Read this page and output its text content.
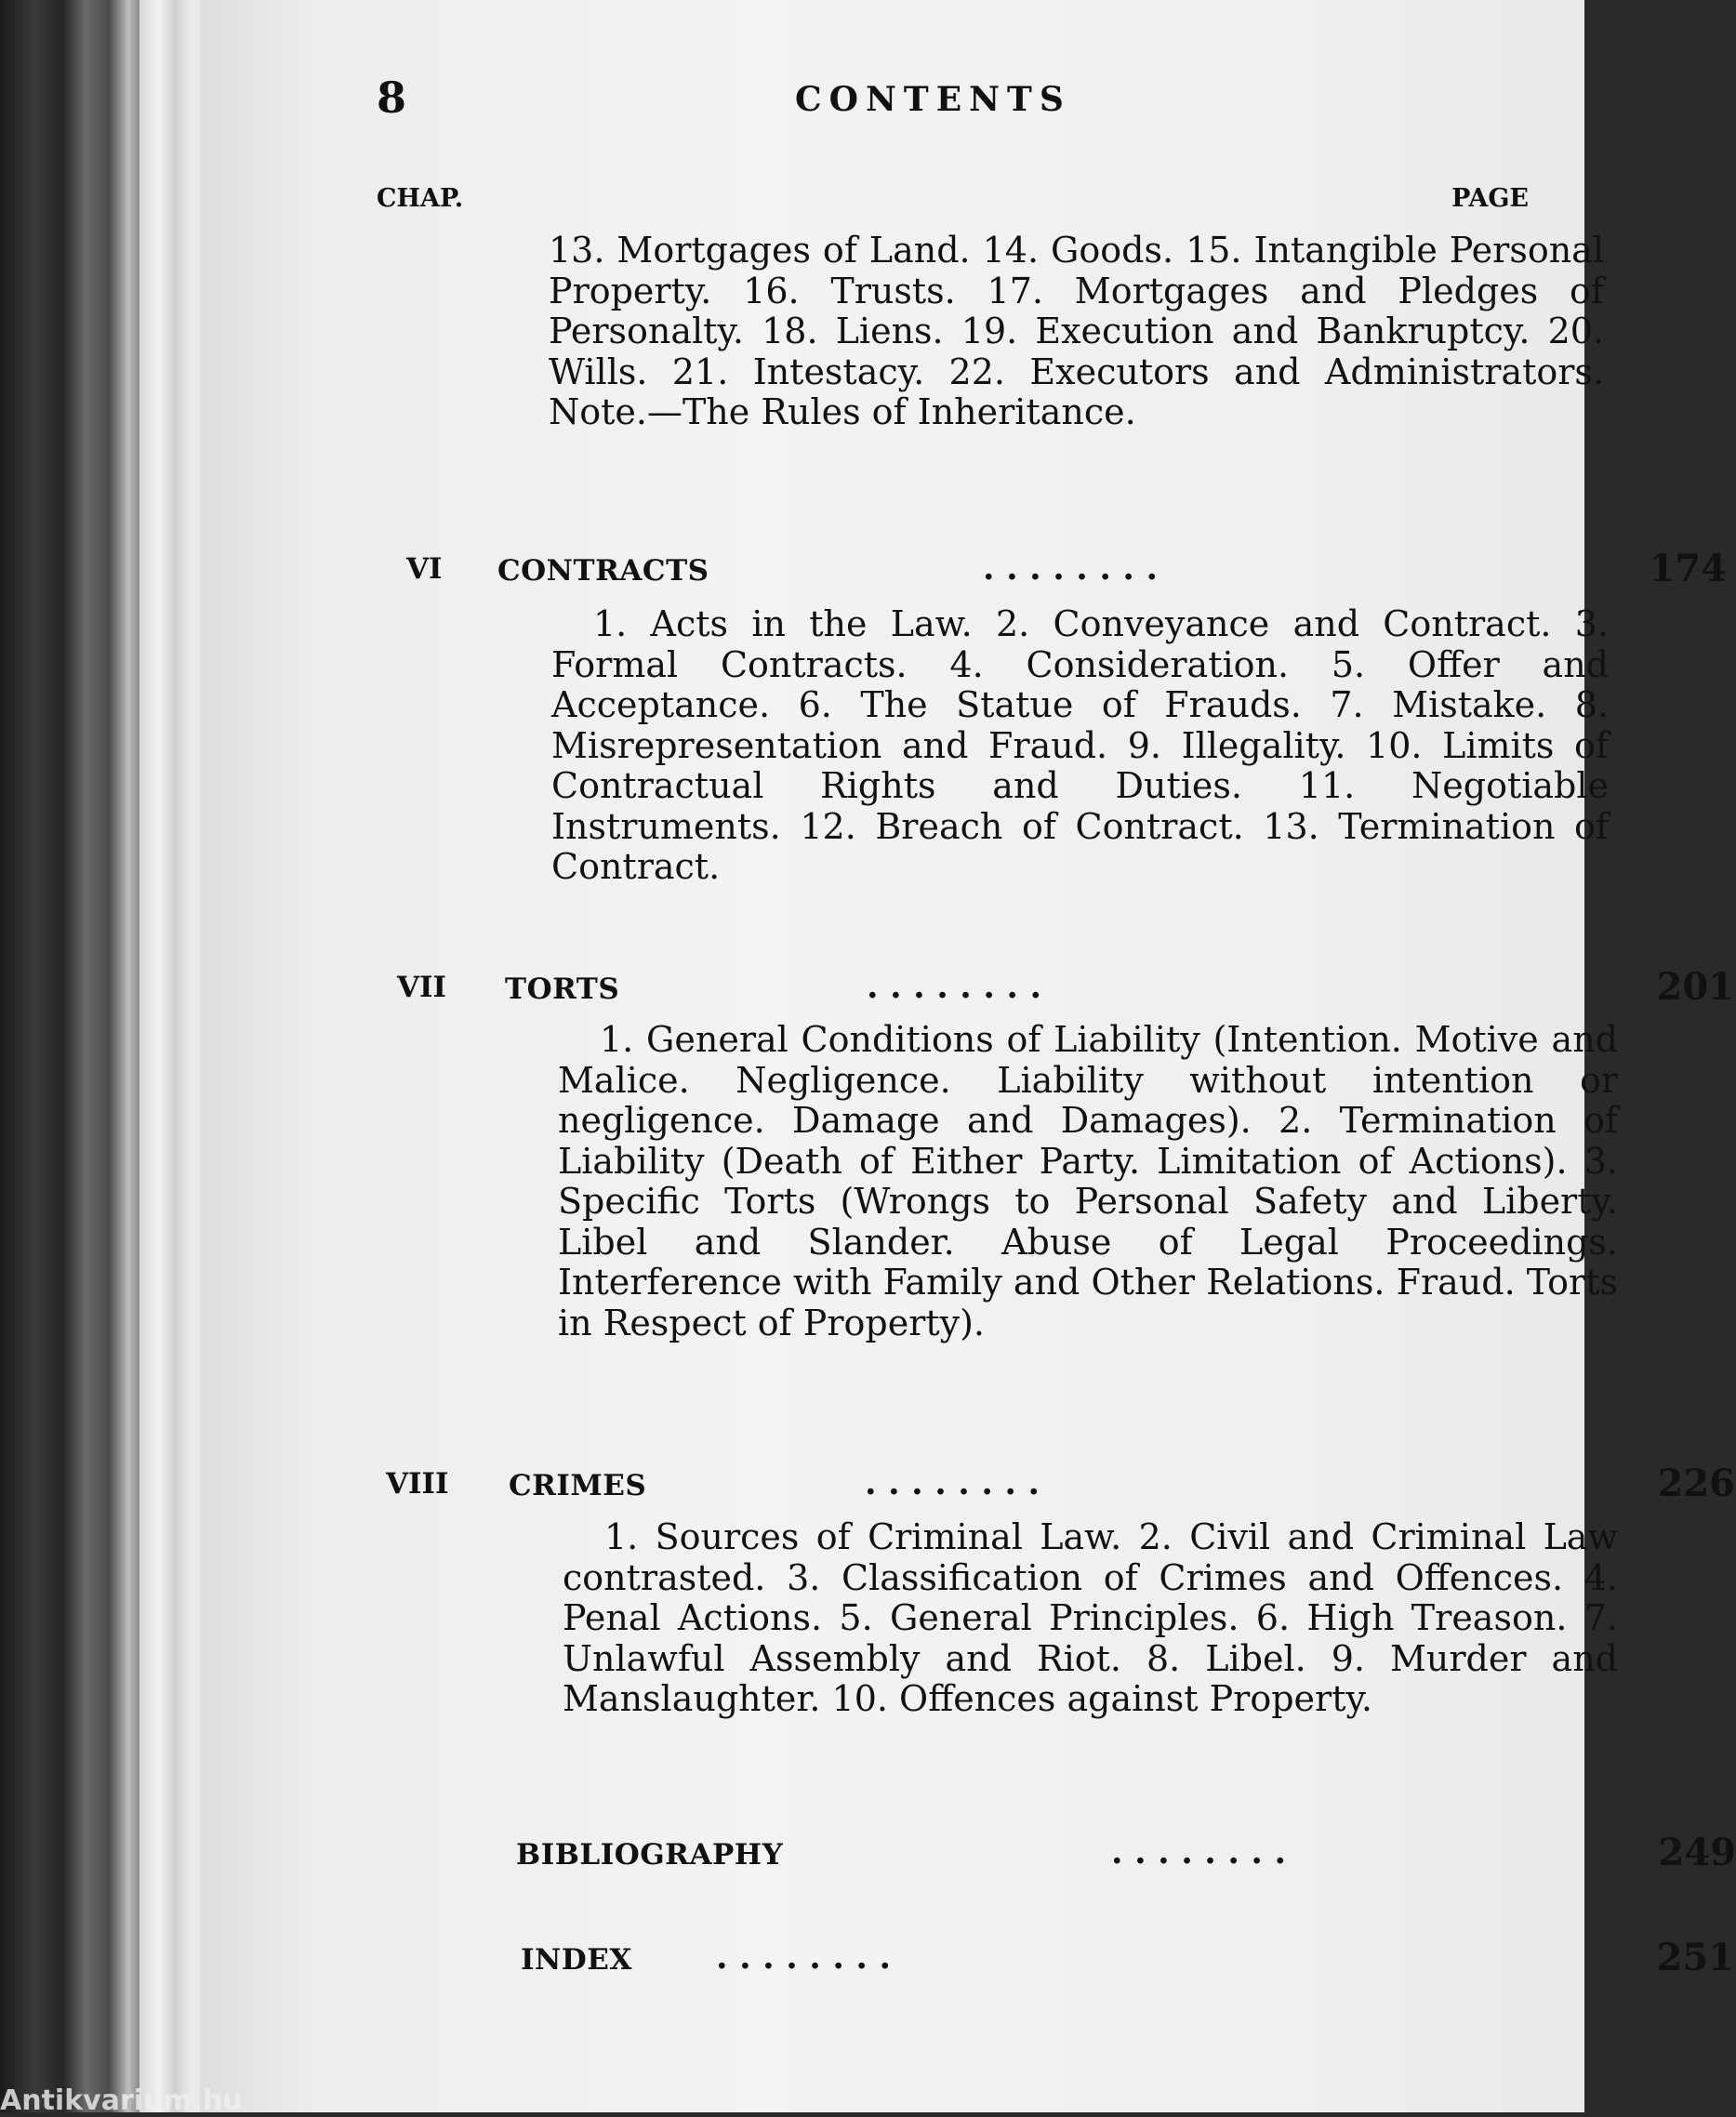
8	CONTENTS
CHAP.	PAGE

13. Mortgages of Land. 14. Goods. 15. Intangible Personal Property. 16. Trusts. 17. Mortgages and Pledges of Personalty. 18. Liens. 19. Execution and Bankruptcy. 20. Wills. 21. Intestacy. 22. Executors and Administrators. Note.—The Rules of Inheritance.

VI CONTRACTS	. . . . . . . .	174

1. Acts in the Law. 2. Conveyance and Contract. 3. Formal Contracts. 4. Consideration. 5. Offer and Acceptance. 6. The Statue of Frauds. 7. Mistake. 8. Misrepresentation and Fraud. 9. Illegality. 10. Limits of Contractual Rights and Duties. 11. Negotiable Instruments. 12. Breach of Contract. 13. Termination of Contract.

VII TORTS	. . . . . . . .	201

1. General Conditions of Liability (Intention. Motive and Malice. Negligence. Liability without intention or negligence. Damage and Damages). 2. Termination of Liability (Death of Either Party. Limitation of Actions). 3. Specific Torts (Wrongs to Personal Safety and Liberty. Libel and Slander. Abuse of Legal Proceedings. Interference with Family and Other Relations. Fraud. Torts in Respect of Property).

VIII CRIMES	. . . . . . . .	226

1. Sources of Criminal Law. 2. Civil and Criminal Law contrasted. 3. Classification of Crimes and Offences. 4. Penal Actions. 5. General Principles. 6. High Treason. 7. Unlawful Assembly and Riot. 8. Libel. 9. Murder and Manslaughter. 10. Offences against Property.

BIBLIOGRAPHY	. . . . . . . .	249
INDEX	. . . . . . . .	251
Antikvarium.hu
